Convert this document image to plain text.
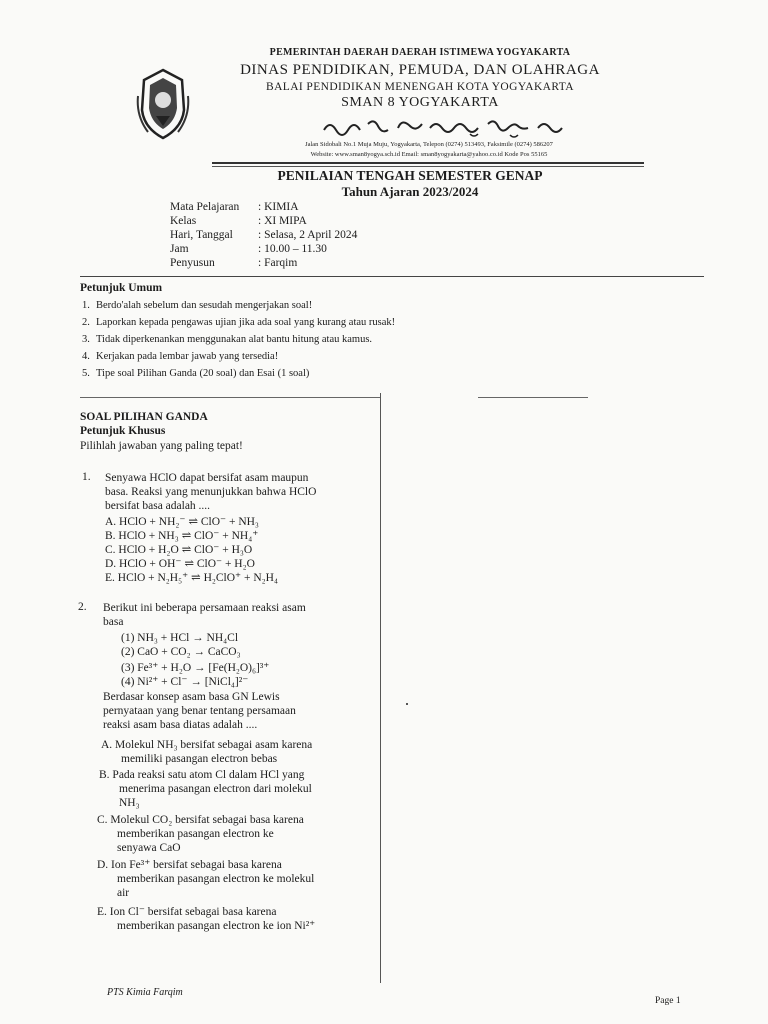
PEMERINTAH DAERAH DAERAH ISTIMEWA YOGYAKARTA
DINAS PENDIDIKAN, PEMUDA, DAN OLAHRAGA
BALAI PENDIDIKAN MENENGAH KOTA YOGYAKARTA
SMAN 8 YOGYAKARTA
Jalan Sidobali No.1 Muja Muju, Yogyakarta, Telepon (0274) 513493, Faksimile (0274) 586207
Website: www.sman8yogya.sch.id Email: sman8yogyakarta@yahoo.co.id Kode Pos 55165
PENILAIAN TENGAH SEMESTER GENAP
Tahun Ajaran 2023/2024
Mata Pelajaran : KIMIA
Kelas	: XI MIPA
Hari, Tanggal : Selasa, 2 April 2024
Jam	: 10.00 – 11.30
Penyusun	: Farqim
Petunjuk Umum
1. Berdo'alah sebelum dan sesudah mengerjakan soal!
2. Laporkan kepada pengawas ujian jika ada soal yang kurang atau rusak!
3. Tidak diperkenankan menggunakan alat bantu hitung atau kamus.
4. Kerjakan pada lembar jawab yang tersedia!
5. Tipe soal Pilihan Ganda (20 soal) dan Esai (1 soal)
SOAL PILIHAN GANDA
Petunjuk Khusus
Pilihlah jawaban yang paling tepat!
1. Senyawa HClO dapat bersifat asam maupun
basa. Reaksi yang menunjukkan bahwa HClO
bersifat basa adalah ....
A. HClO + NH₂⁻ ⇌ ClO⁻ + NH₃
B. HClO + NH₃ ⇌ ClO⁻ + NH₄⁺
C. HClO + H₂O ⇌ ClO⁻ + H₃O
D. HClO + OH⁻ ⇌ ClO⁻ + H₂O
E. HClO + N₂H₅⁺ ⇌ H₂ClO⁺ + N₂H₄
2. Berikut ini beberapa persamaan reaksi asam
basa
(1) NH₃ + HCl → NH₄Cl
(2) CaO + CO₂ → CaCO₃
(3) Fe³⁺ + H₂O → [Fe(H₂O)₆]³⁺
(4) Ni²⁺ + Cl⁻ → [NiCl₄]²⁻
Berdasar konsep asam basa GN Lewis
pernyataan yang benar tentang persamaan
reaksi asam basa diatas adalah ....
A. Molekul NH₃ bersifat sebagai asam karena
memiliki pasangan electron bebas
B. Pada reaksi satu atom Cl dalam HCl yang
menerima pasangan electron dari molekul
NH₃
C. Molekul CO₂ bersifat sebagai basa karena
memberikan pasangan electron ke
senyawa CaO
D. Ion Fe³⁺ bersifat sebagai basa karena
memberikan pasangan electron ke molekul
air
E. Ion Cl⁻ bersifat sebagai basa karena
memberikan pasangan electron ke ion Ni²⁺
PTS Kimia Farqim
Page 1
